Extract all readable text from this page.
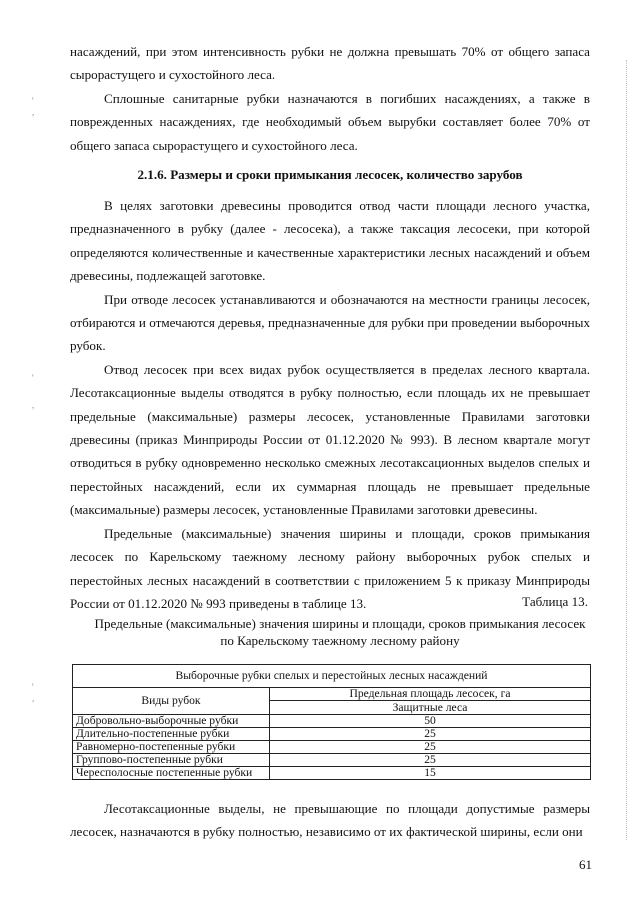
'
,
'
,
'
,

насаждений, при этом интенсивность рубки не должна превышать 70% от общего запаса сырорастущего и сухостойного леса.

Сплошные санитарные рубки назначаются в погибших насаждениях, а также в поврежденных насаждениях, где необходимый объем вырубки составляет более 70% от общего запаса сырорастущего и сухостойного леса.

2.1.6. Размеры и сроки примыкания лесосек, количество зарубов

В целях заготовки древесины проводится отвод части площади лесного участка, предназначенного в рубку (далее - лесосека), а также таксация лесосеки, при которой определяются количественные и качественные характеристики лесных насаждений и объем древесины, подлежащей заготовке.

При отводе лесосек устанавливаются и обозначаются на местности границы лесосек, отбираются и отмечаются деревья, предназначенные для рубки при проведении выборочных рубок.

Отвод лесосек при всех видах рубок осуществляется в пределах лесного квартала. Лесотаксационные выделы отводятся в рубку полностью, если площадь их не превышает предельные (максимальные) размеры лесосек, установленные Правилами заготовки древесины (приказ Минприроды России от 01.12.2020 № 993). В лесном квартале могут отводиться в рубку одновременно несколько смежных лесотаксационных выделов спелых и перестойных насаждений, если их суммарная площадь не превышает предельные (максимальные) размеры лесосек, установленные Правилами заготовки древесины.

Предельные (максимальные) значения ширины и площади, сроков примыкания лесосек по Карельскому таежному лесному району выборочных рубок спелых и перестойных лесных насаждений в соответствии с приложением 5 к приказу Минприроды России от 01.12.2020 № 993 приведены в таблице 13.	Таблица 13.
Предельные (максимальные) значения ширины и площади, сроков примыкания лесосек
по Карельскому таежному лесному району
Выборочные рубки спелых и перестойных лесных насаждений	
Виды рубок	Предельная площадь лесосек, га
	Защитные леса
Добровольно-выборочные рубки	50
Длительно-постепенные рубки	25
Равномерно-постепенные рубки	25
Группово-постепенные рубки	25
Чересполосные постепенные рубки	15

Лесотаксационные выделы, не превышающие по площади допустимые размеры лесосек, назначаются в рубку полностью, независимо от их фактической ширины, если они

61
